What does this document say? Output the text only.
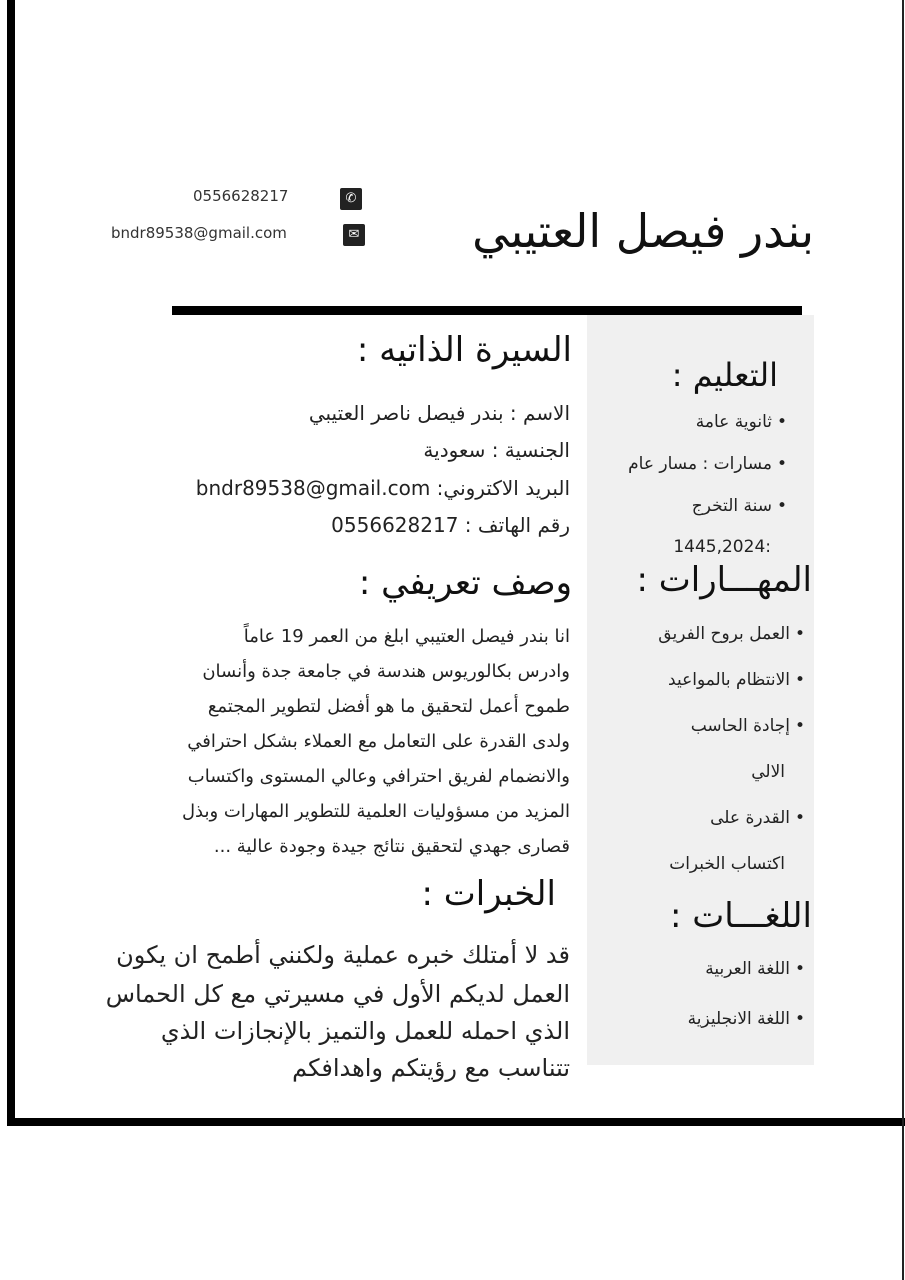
بندر فيصل العتيبي
0556628217	✆
bndr89538@gmail.com	✉
التعليم :
•ثانوية عامة
•مسارات : مسار عام
•سنة التخرج
:1445,2024
المهـــارات :
•العمل بروح الفريق
•الانتظام بالمواعيد
•إجادة الحاسب
الالي
•القدرة على
اكتساب الخبرات
اللغـــات :
•اللغة العربية
•اللغة الانجليزية
السيرة الذاتيه :
الاسم : بندر فيصل ناصر العتيبي
الجنسية : سعودية
البريد الاكتروني: bndr89538@gmail.com
رقم الهاتف : 0556628217
وصف تعريفي :
انا بندر فيصل العتيبي ابلغ من العمر 19 عاماً
وادرس بكالوريوس هندسة في جامعة جدة وأنسان
طموح أعمل لتحقيق ما هو أفضل لتطوير المجتمع
ولدى القدرة على التعامل مع العملاء بشكل احترافي
والانضمام لفريق احترافي وعالي المستوى واكتساب
المزيد من مسؤوليات العلمية للتطوير المهارات وبذل
قصارى جهدي لتحقيق نتائج جيدة وجودة عالية ...
الخبرات :
قد لا أمتلك خبره عملية ولكنني أطمح ان يكون
العمل لديكم الأول في مسيرتي مع كل الحماس
الذي احمله للعمل والتميز بالإنجازات الذي
تتناسب مع رؤيتكم واهدافكم
